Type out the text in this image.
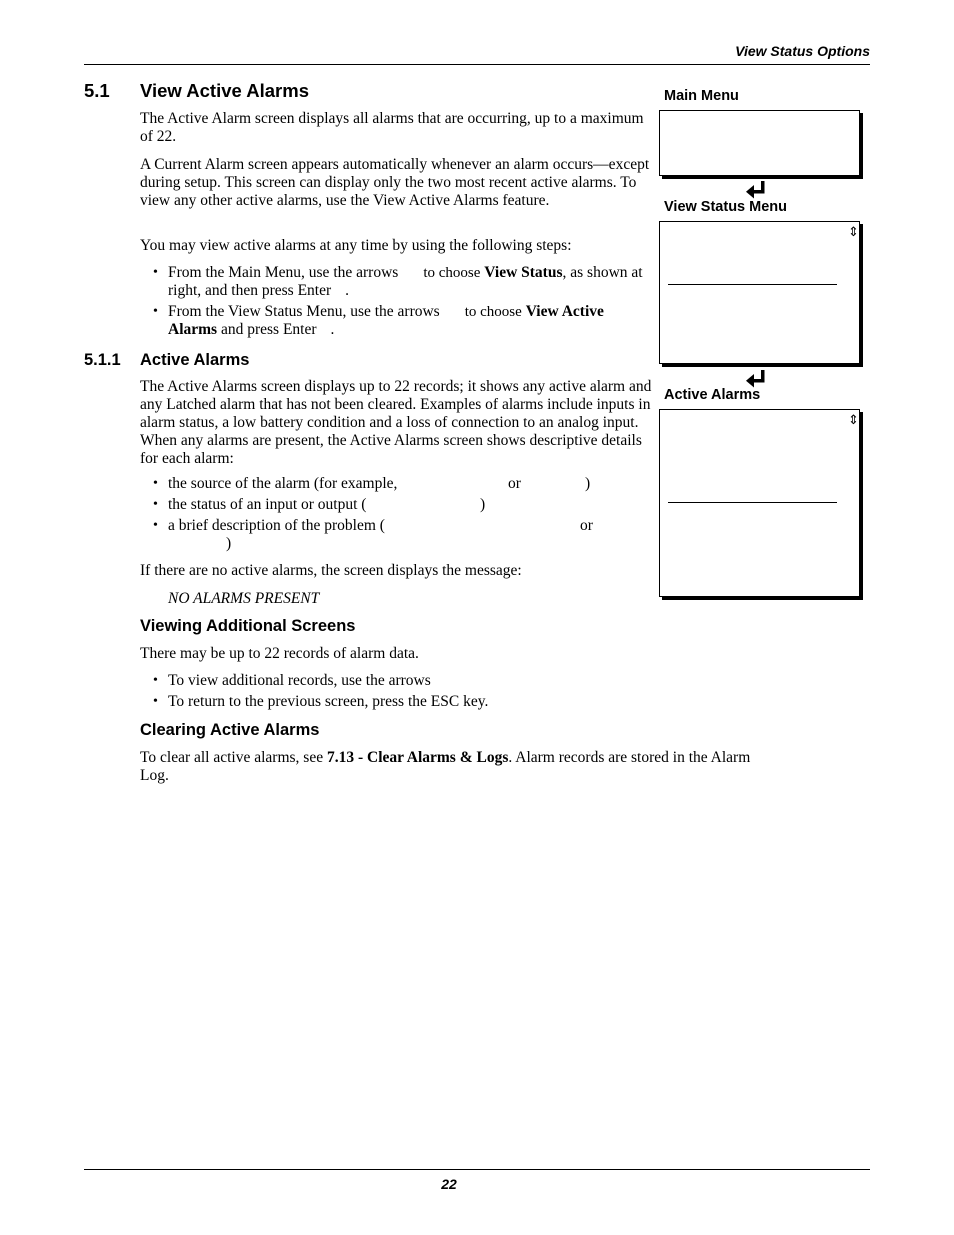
View Status Options
5.1 View Active Alarms
The Active Alarm screen displays all alarms that are occurring, up to a maximum of 22.
A Current Alarm screen appears automatically whenever an alarm occurs—except during setup. This screen can display only the two most recent active alarms. To view any other active alarms, use the View Active Alarms feature.
You may view active alarms at any time by using the following steps:
• From the Main Menu, use the arrows to choose View Status, as shown at right, and then press Enter .
• From the View Status Menu, use the arrows to choose View Active Alarms and press Enter .
5.1.1 Active Alarms
The Active Alarms screen displays up to 22 records; it shows any active alarm and any Latched alarm that has not been cleared. Examples of alarms include inputs in alarm status, a low battery condition and a loss of connection to an analog input. When any alarms are present, the Active Alarms screen shows descriptive details for each alarm:
• the source of the alarm (for example,	or	)
• the status of an input or output (	)
• a brief description of the problem (	or
)
If there are no active alarms, the screen displays the message:
NO ALARMS PRESENT
Viewing Additional Screens
There may be up to 22 records of alarm data.
• To view additional records, use the arrows
• To return to the previous screen, press the ESC key.
Clearing Active Alarms
To clear all active alarms, see 7.13 - Clear Alarms & Logs. Alarm records are stored in the Alarm
Log.
Main Menu
View Status Menu
⇕
Active Alarms
⇕
22
